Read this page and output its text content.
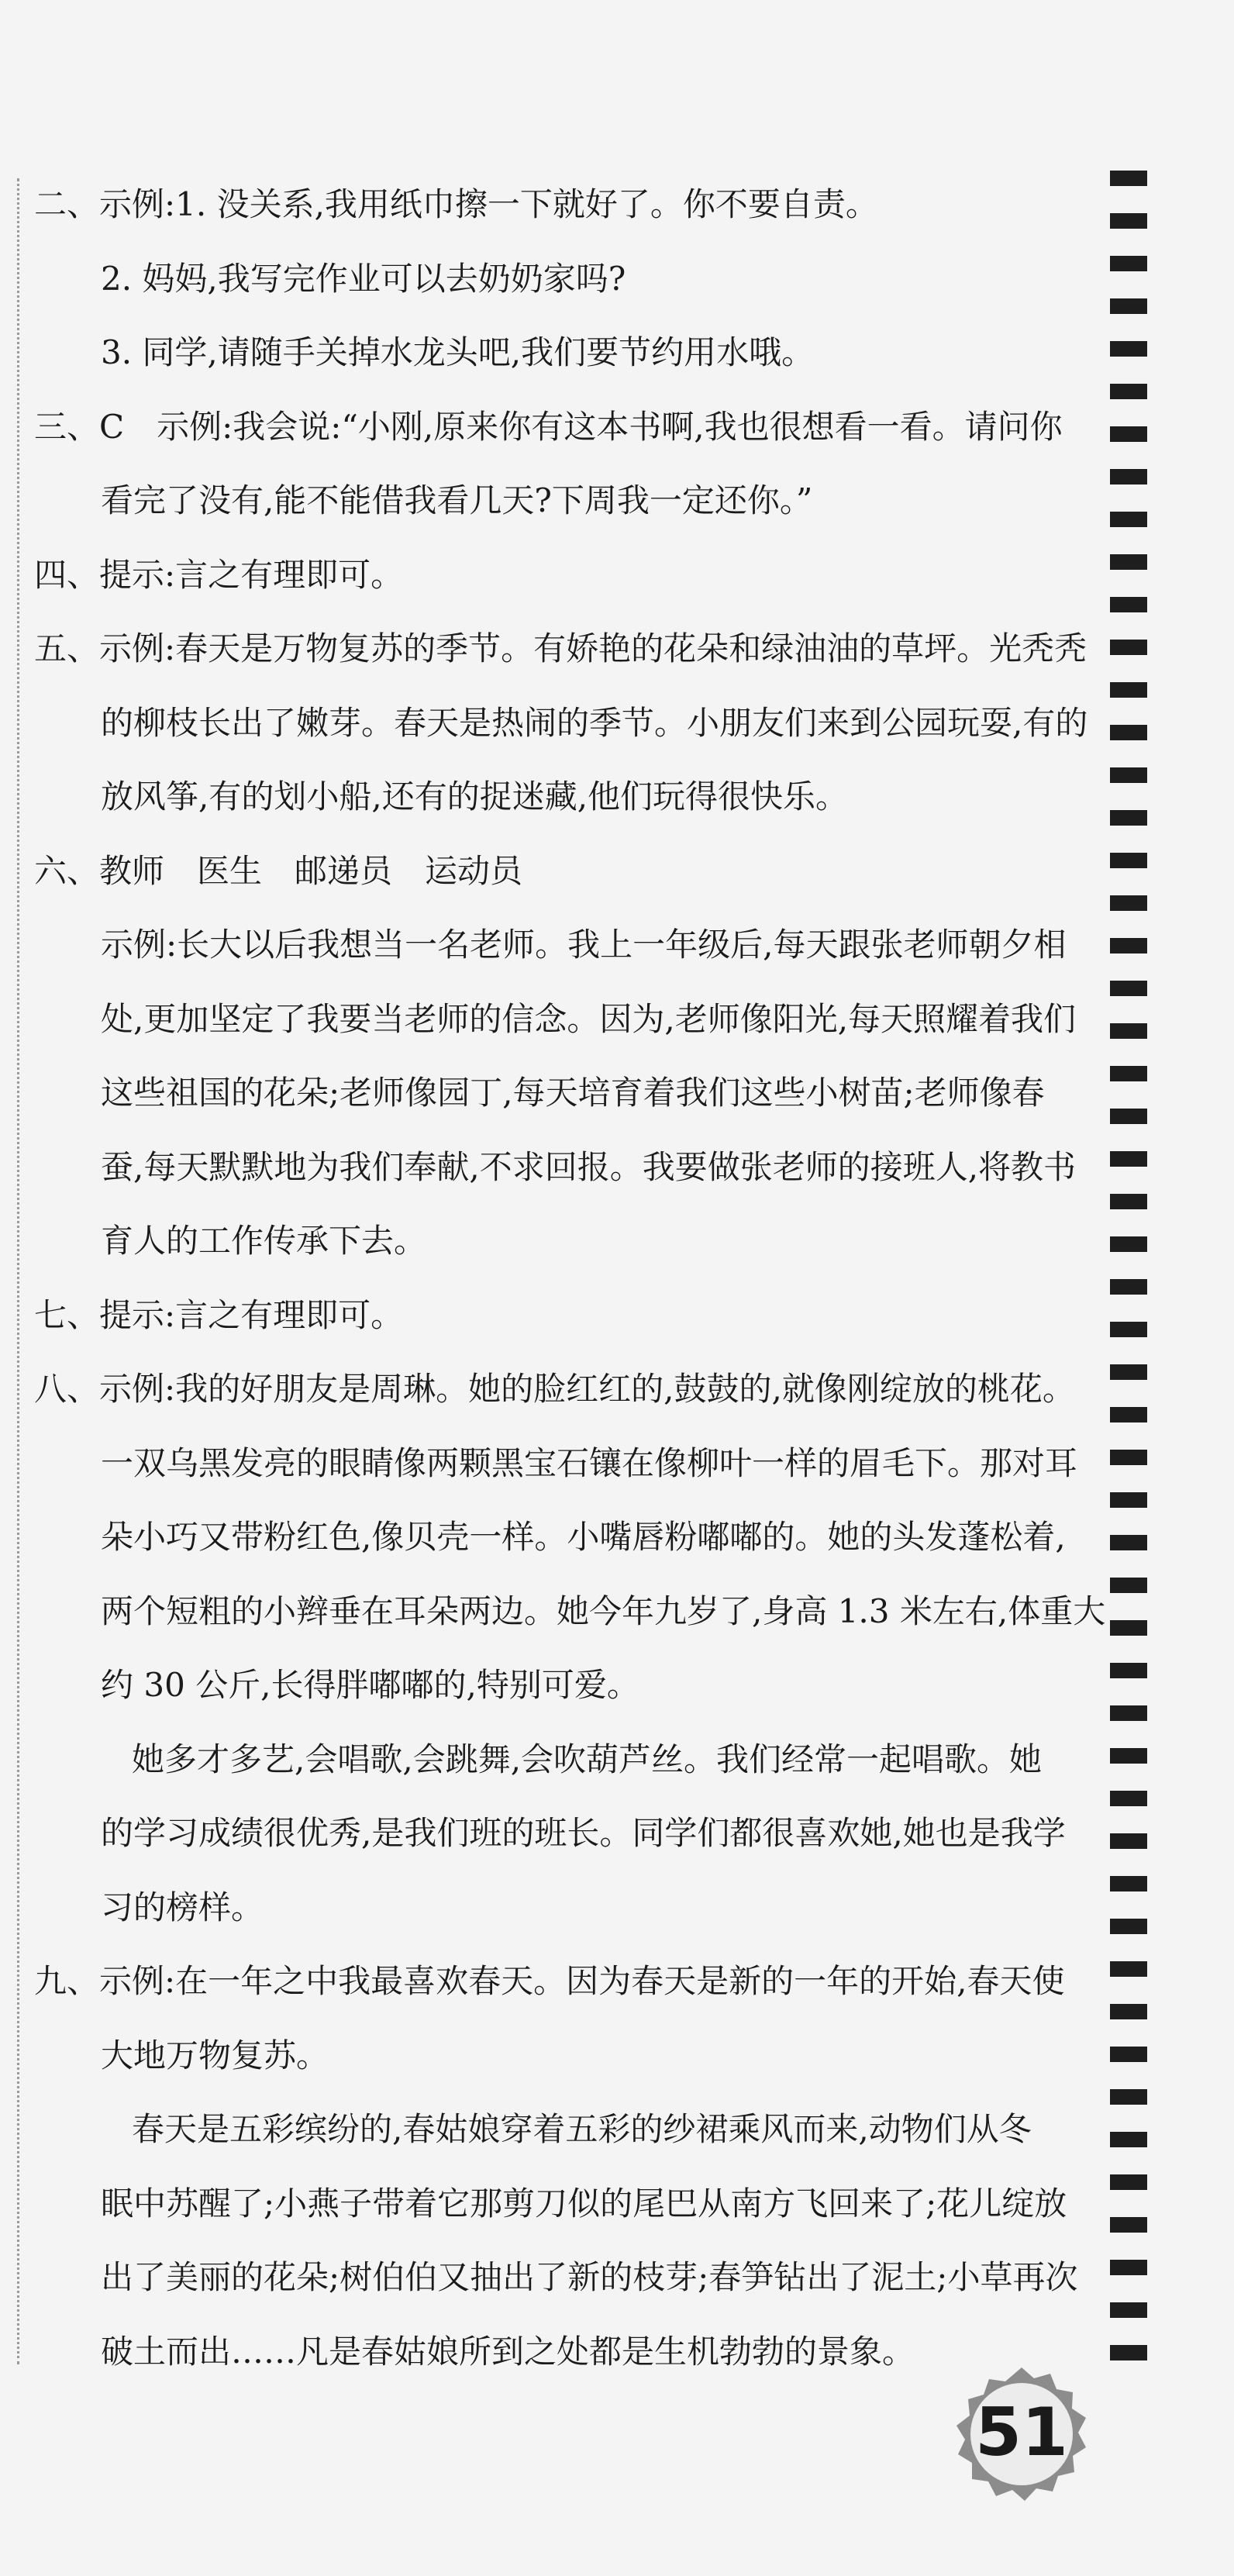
二、示例:1. 没关系,我用纸巾擦一下就好了。你不要自责。
2. 妈妈,我写完作业可以去奶奶家吗?
3. 同学,请随手关掉水龙头吧,我们要节约用水哦。
三、C　示例:我会说:“小刚,原来你有这本书啊,我也很想看一看。请问你
看完了没有,能不能借我看几天?下周我一定还你。”
四、提示:言之有理即可。
五、示例:春天是万物复苏的季节。有娇艳的花朵和绿油油的草坪。光秃秃
的柳枝长出了嫩芽。春天是热闹的季节。小朋友们来到公园玩耍,有的
放风筝,有的划小船,还有的捉迷藏,他们玩得很快乐。
六、教师　医生　邮递员　运动员
示例:长大以后我想当一名老师。我上一年级后,每天跟张老师朝夕相
处,更加坚定了我要当老师的信念。因为,老师像阳光,每天照耀着我们
这些祖国的花朵;老师像园丁,每天培育着我们这些小树苗;老师像春
蚕,每天默默地为我们奉献,不求回报。我要做张老师的接班人,将教书
育人的工作传承下去。
七、提示:言之有理即可。
八、示例:我的好朋友是周琳。她的脸红红的,鼓鼓的,就像刚绽放的桃花。
一双乌黑发亮的眼睛像两颗黑宝石镶在像柳叶一样的眉毛下。那对耳
朵小巧又带粉红色,像贝壳一样。小嘴唇粉嘟嘟的。她的头发蓬松着,
两个短粗的小辫垂在耳朵两边。她今年九岁了,身高 1.3 米左右,体重大
约 30 公斤,长得胖嘟嘟的,特别可爱。
她多才多艺,会唱歌,会跳舞,会吹葫芦丝。我们经常一起唱歌。她
的学习成绩很优秀,是我们班的班长。同学们都很喜欢她,她也是我学
习的榜样。
九、示例:在一年之中我最喜欢春天。因为春天是新的一年的开始,春天使
大地万物复苏。
春天是五彩缤纷的,春姑娘穿着五彩的纱裙乘风而来,动物们从冬
眠中苏醒了;小燕子带着它那剪刀似的尾巴从南方飞回来了;花儿绽放
出了美丽的花朵;树伯伯又抽出了新的枝芽;春笋钻出了泥土;小草再次
破土而出……凡是春姑娘所到之处都是生机勃勃的景象。
51
